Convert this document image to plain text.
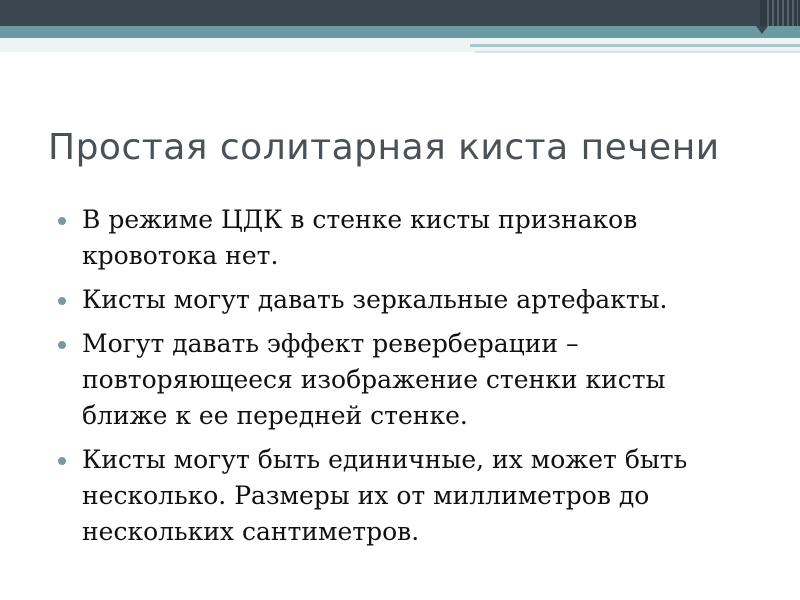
Простая солитарная киста печени
В режиме ЦДК в стенке кисты признаков кровотока нет.
Кисты могут давать зеркальные артефакты.
Могут давать эффект реверберации – повторяющееся изображение стенки кисты ближе к ее передней стенке.
Кисты могут быть единичные, их может быть несколько. Размеры их от миллиметров до нескольких сантиметров.
